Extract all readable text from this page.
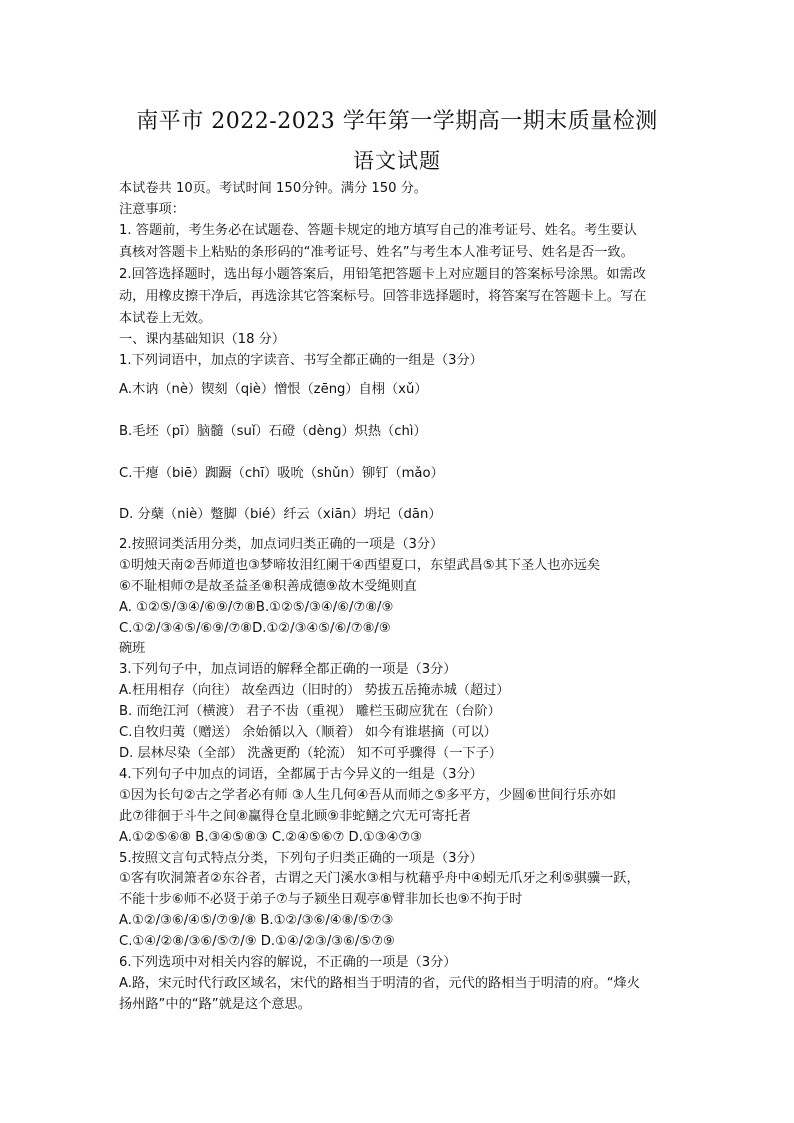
南平市 2022-2023 学年第一学期高一期末质量检测
语文试题
本试卷共 10页。考试时间 150分钟。满分 150 分。
注意事项：
1. 答题前，考生务必在试题卷、答题卡规定的地方填写自己的准考证号、姓名。考生要认
真核对答题卡上粘贴的条形码的“准考证号、姓名”与考生本人准考证号、姓名是否一致。
2.回答选择题时，选出每小题答案后，用铅笔把答题卡上对应题目的答案标号涂黑。如需改
动，用橡皮擦干净后，再选涂其它答案标号。回答非选择题时，将答案写在答题卡上。写在
本试卷上无效。
一、课内基础知识（18 分）
1.下列词语中，加点的字读音、书写全都正确的一组是（3分）
A.木讷（nè）锲刻（qiè）憎恨（zēng）自栩（xǔ）
B.毛坯（pī）脑髓（suǐ）石磴（dèng）炽热（chì）
C.干瘪（biē）踟蹰（chī）吸吮（shǔn）铆钉（mǎo）
D. 分蘖（niè）蹩脚（bié）纤云（xiān）坍圮（dān）
2.按照词类活用分类，加点词归类正确的一项是（3分）
①明烛天南②吾师道也③梦啼妆泪红阑干④西望夏口，东望武昌⑤其下圣人也亦远矣
⑥不耻相师⑦是故圣益圣⑧积善成德⑨故木受绳则直
A. ①②⑤/③④/⑥⑨/⑦⑧B.①②⑤/③④/⑥/⑦⑧/⑨
C.①②/③④⑤/⑥⑨/⑦⑧D.①②/③④⑤/⑥/⑦⑧/⑨
碗班
3.下列句子中，加点词语的解释全都正确的一项是（3分）
A.枉用相存（向往） 故垒西边（旧时的） 势拔五岳掩赤城（超过）
B. 而绝江河（横渡） 君子不齿（重视） 雕栏玉砌应犹在（台阶）
C.自牧归荑（赠送） 余始循以入（顺着） 如今有谁堪摘（可以）
D. 层林尽染（全部） 洗盏更酌（轮流） 知不可乎骤得（一下子）
4.下列句子中加点的词语，全都属于古今异义的一组是（3分）
①因为长句②古之学者必有师 ③人生几何④吾从而师之⑤多平方，少圆⑥世间行乐亦如
此⑦徘徊于斗牛之间⑧赢得仓皇北顾⑨非蛇鳝之穴无可寄托者
A.①②⑤⑥⑧ B.③④⑤⑧③ C.②④⑤⑥⑦ D.①③④⑦③
5.按照文言句式特点分类，下列句子归类正确的一项是（3分）
①客有吹洞箫者②东谷者，古谓之天门溪水③相与枕藉乎舟中④蚓无爪牙之利⑤骐骥一跃，
不能十步⑥师不必贤于弟子⑦与子颍坐日观亭⑧臂非加长也⑨不拘于时
A.①②/③⑥/④⑤/⑦⑨/⑧ B.①②/③⑥/④⑧/⑤⑦③
C.①④/②⑧/③⑥/⑤⑦/⑨ D.①④/②③/③⑥/⑤⑦⑨
6.下列选项中对相关内容的解说，不正确的一项是（3分）
A.路，宋元时代行政区域名，宋代的路相当于明清的省，元代的路相当于明清的府。“烽火
扬州路”中的“路”就是这个意思。
